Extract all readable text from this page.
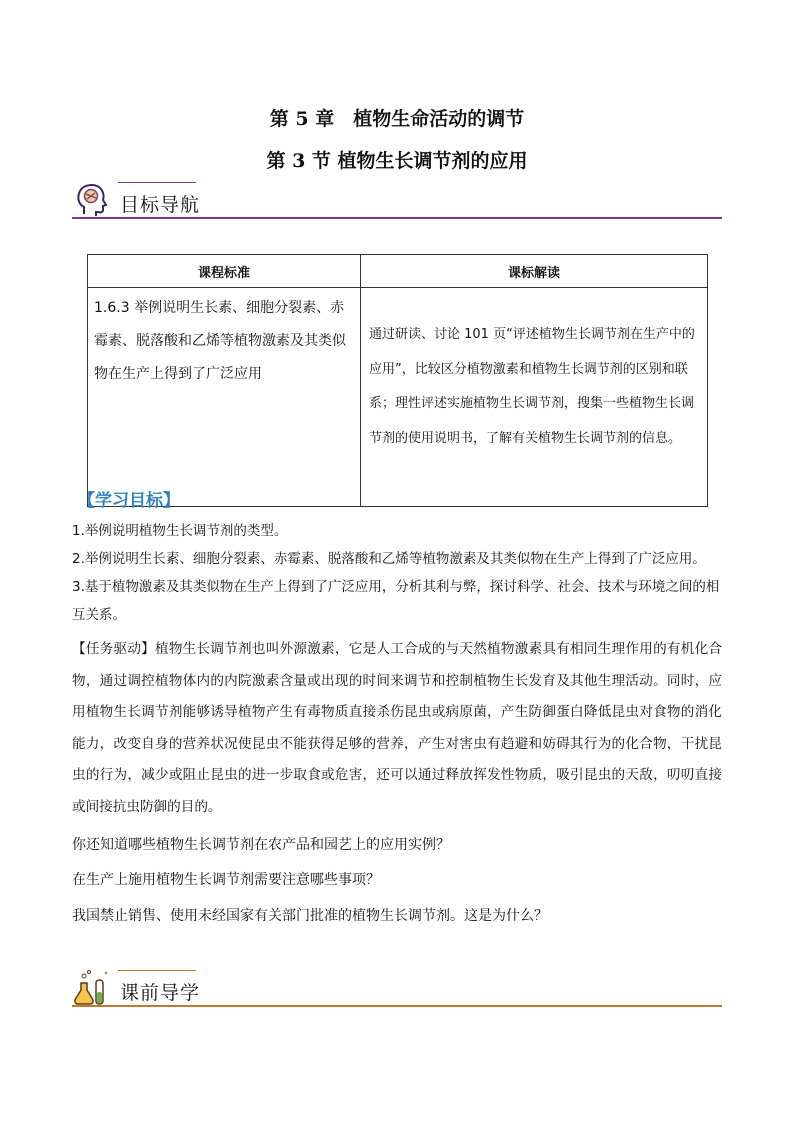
第 5 章　植物生命活动的调节
第 3 节 植物生长调节剂的应用
目标导航
课程标准	课标解读
1.6.3 举例说明生长素、细胞分裂素、赤霉素、脱落酸和乙烯等植物激素及其类似物在生产上得到了广泛应用	通过研读、讨论 101 页“评述植物生长调节剂在生产中的应用”，比较区分植物激素和植物生长调节剂的区别和联系；理性评述实施植物生长调节剂，搜集一些植物生长调节剂的使用说明书，了解有关植物生长调节剂的信息。
【学习目标】
1.举例说明植物生长调节剂的类型。
2.举例说明生长素、细胞分裂素、赤霉素、脱落酸和乙烯等植物激素及其类似物在生产上得到了广泛应用。
3.基于植物激素及其类似物在生产上得到了广泛应用，分析其利与弊，探讨科学、社会、技术与环境之间的相互关系。
【任务驱动】植物生长调节剂也叫外源激素，它是人工合成的与天然植物激素具有相同生理作用的有机化合物，通过调控植物体内的内院激素含量或出现的时间来调节和控制植物生长发育及其他生理活动。同时，应用植物生长调节剂能够诱导植物产生有毒物质直接杀伤昆虫或病原菌，产生防御蛋白降低昆虫对食物的消化能力，改变自身的营养状况使昆虫不能获得足够的营养，产生对害虫有趋避和妨碍其行为的化合物，干扰昆虫的行为，减少或阻止昆虫的进一步取食或危害，还可以通过释放挥发性物质，吸引昆虫的天敌，叨叨直接或间接抗虫防御的目的。
你还知道哪些植物生长调节剂在农产品和园艺上的应用实例？
在生产上施用植物生长调节剂需要注意哪些事项？
我国禁止销售、使用未经国家有关部门批准的植物生长调节剂。这是为什么？
课前导学
